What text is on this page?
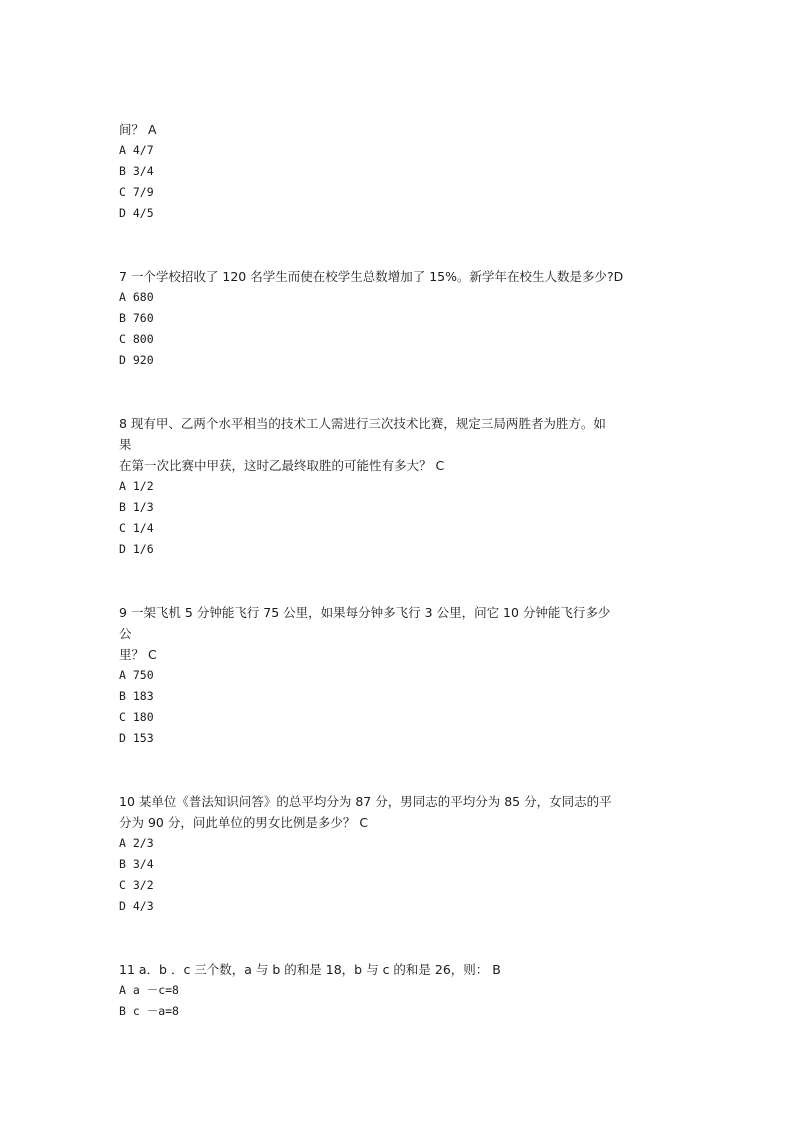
间？ A

A 4/7

B 3/4

C 7/9

D 4/5

7 一个学校招收了 120 名学生而使在校学生总数增加了 15%。新学年在校生人数是多少?D

A 680

B 760

C 800

D 920

8 现有甲、乙两个水平相当的技术工人需进行三次技术比赛，规定三局两胜者为胜方。如

果

在第一次比赛中甲获，这时乙最终取胜的可能性有多大？ C

A 1/2

B 1/3

C 1/4

D 1/6

9 一架飞机 5 分钟能飞行 75 公里，如果每分钟多飞行 3 公里，问它 10 分钟能飞行多少

公

里？ C

A 750

B 183

C 180

D 153

10 某单位《普法知识问答》的总平均分为 87 分，男同志的平均分为 85 分，女同志的平

分为 90 分，问此单位的男女比例是多少？ C

A 2/3

B 3/4

C 3/2

D 4/3

11 a．b ．c 三个数，a 与 b 的和是 18，b 与 c 的和是 26，则： B

A a －c=8

B c －a=8
